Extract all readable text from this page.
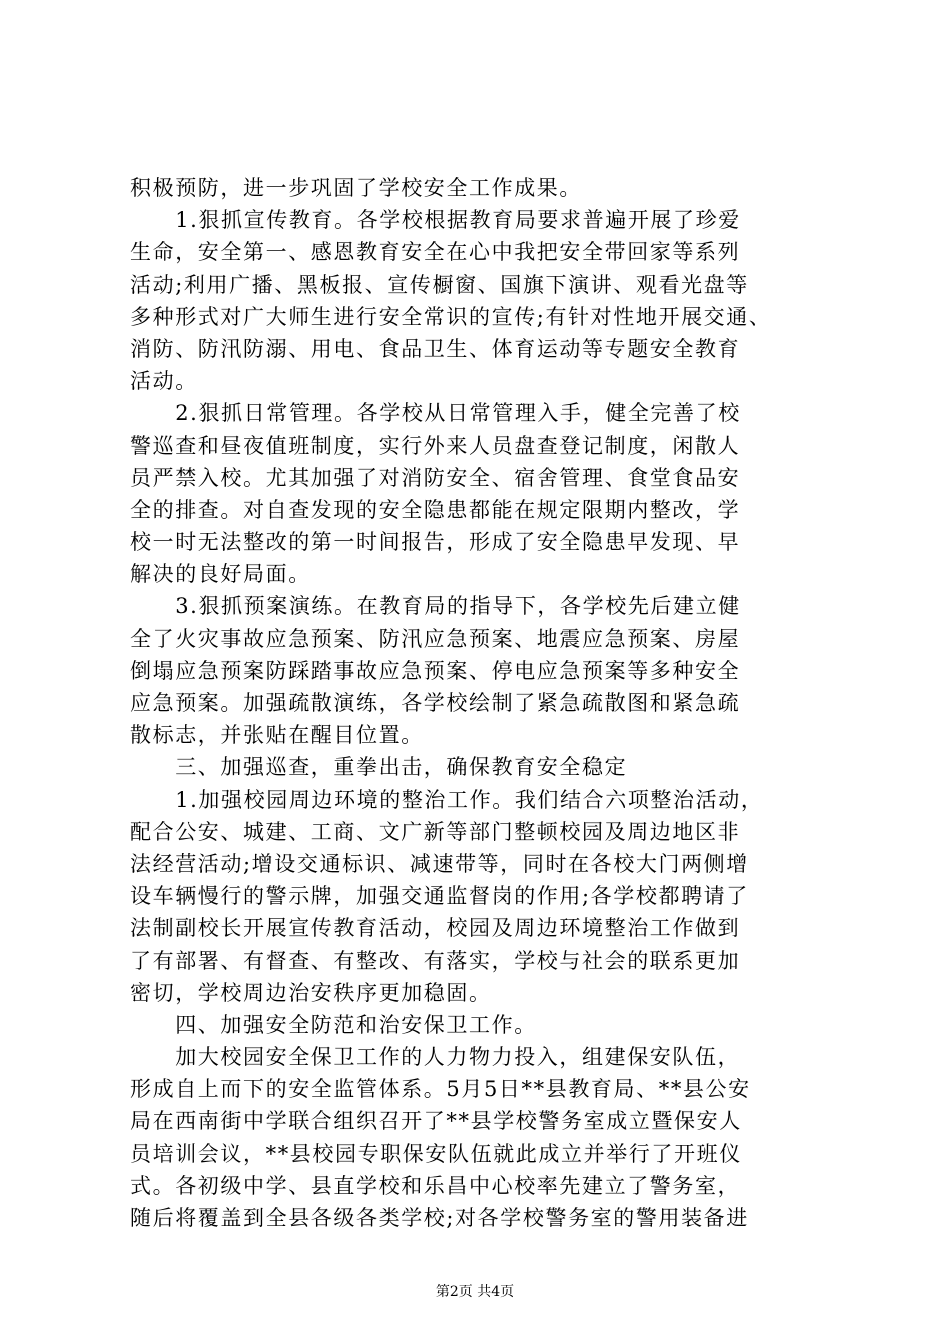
积极预防，进一步巩固了学校安全工作成果。
　　1.狠抓宣传教育。各学校根据教育局要求普遍开展了珍爱
生命，安全第一、感恩教育安全在心中我把安全带回家等系列
活动;利用广播、黑板报、宣传橱窗、国旗下演讲、观看光盘等
多种形式对广大师生进行安全常识的宣传;有针对性地开展交通、
消防、防汛防溺、用电、食品卫生、体育运动等专题安全教育
活动。
　　2.狠抓日常管理。各学校从日常管理入手，健全完善了校
警巡查和昼夜值班制度，实行外来人员盘查登记制度，闲散人
员严禁入校。尤其加强了对消防安全、宿舍管理、食堂食品安
全的排查。对自查发现的安全隐患都能在规定限期内整改，学
校一时无法整改的第一时间报告，形成了安全隐患早发现、早
解决的良好局面。
　　3.狠抓预案演练。在教育局的指导下，各学校先后建立健
全了火灾事故应急预案、防汛应急预案、地震应急预案、房屋
倒塌应急预案防踩踏事故应急预案、停电应急预案等多种安全
应急预案。加强疏散演练，各学校绘制了紧急疏散图和紧急疏
散标志，并张贴在醒目位置。
　　三、加强巡查，重拳出击，确保教育安全稳定
　　1.加强校园周边环境的整治工作。我们结合六项整治活动，
配合公安、城建、工商、文广新等部门整顿校园及周边地区非
法经营活动;增设交通标识、减速带等，同时在各校大门两侧增
设车辆慢行的警示牌，加强交通监督岗的作用;各学校都聘请了
法制副校长开展宣传教育活动，校园及周边环境整治工作做到
了有部署、有督查、有整改、有落实，学校与社会的联系更加
密切，学校周边治安秩序更加稳固。
　　四、加强安全防范和治安保卫工作。
　　加大校园安全保卫工作的人力物力投入，组建保安队伍，
形成自上而下的安全监管体系。5月5日**县教育局、**县公安
局在西南街中学联合组织召开了**县学校警务室成立暨保安人
员培训会议，**县校园专职保安队伍就此成立并举行了开班仪
式。各初级中学、县直学校和乐昌中心校率先建立了警务室，
随后将覆盖到全县各级各类学校;对各学校警务室的警用装备进
第2页 共4页
